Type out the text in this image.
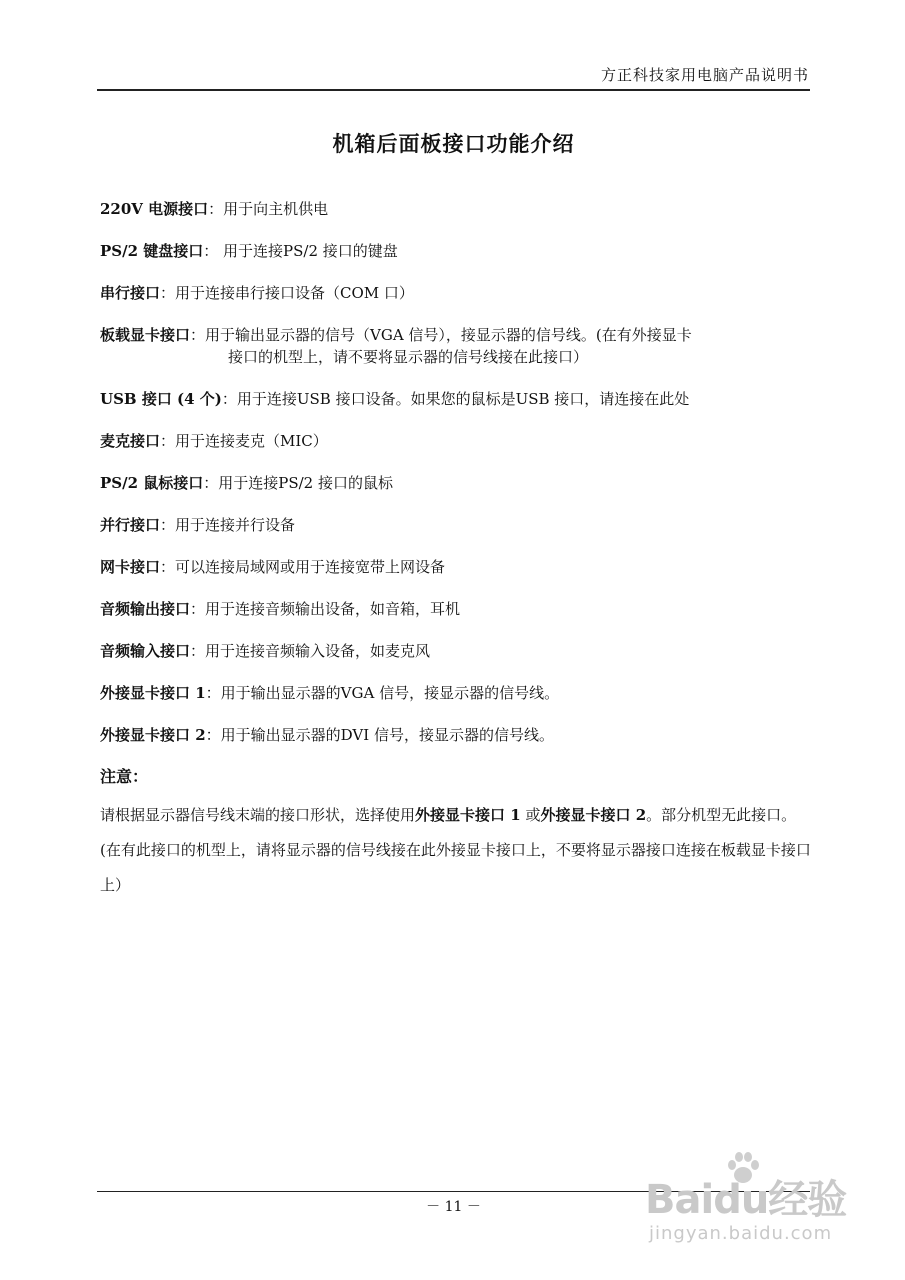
方正科技家用电脑产品说明书
机箱后面板接口功能介绍
220V 电源接口：用于向主机供电
PS/2 键盘接口： 用于连接PS/2 接口的键盘
串行接口：用于连接串行接口设备（COM 口）
板载显卡接口：用于输出显示器的信号（VGA 信号），接显示器的信号线。(在有外接显卡
接口的机型上，请不要将显示器的信号线接在此接口）
USB 接口 (4 个)：用于连接USB 接口设备。如果您的鼠标是USB 接口，请连接在此处
麦克接口：用于连接麦克（MIC）
PS/2 鼠标接口：用于连接PS/2 接口的鼠标
并行接口：用于连接并行设备
网卡接口：可以连接局域网或用于连接宽带上网设备
音频输出接口：用于连接音频输出设备，如音箱，耳机
音频输入接口：用于连接音频输入设备，如麦克风
外接显卡接口 1：用于输出显示器的VGA 信号，接显示器的信号线。
外接显卡接口 2：用于输出显示器的DVI 信号，接显示器的信号线。
注意：

请根据显示器信号线末端的接口形状，选择使用外接显卡接口 1 或外接显卡接口 2。部分机型无此接口。(在有此接口的机型上，请将显示器的信号线接在此外接显卡接口上，不要将显示器接口连接在板载显卡接口上）

－ 11 －	Baidu经验
jingyan.baidu.com
